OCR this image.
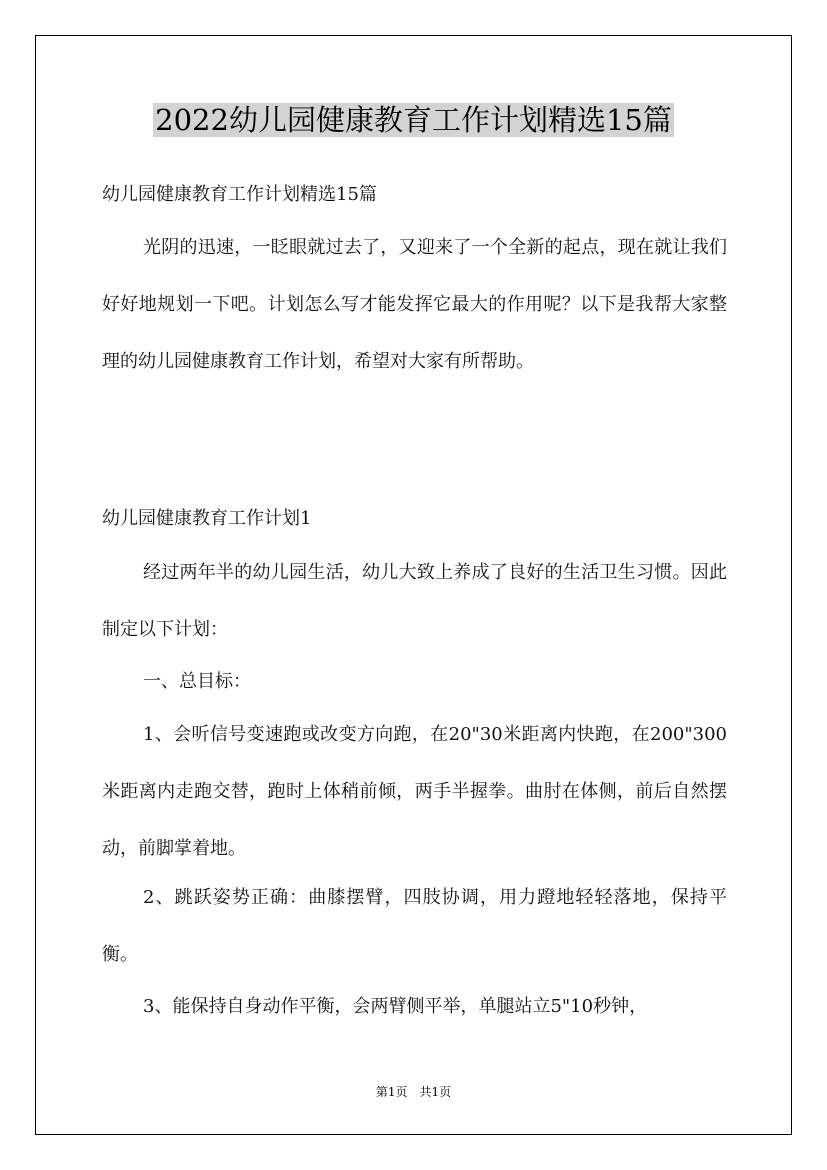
2022幼儿园健康教育工作计划精选15篇

幼儿园健康教育工作计划精选15篇

光阴的迅速，一眨眼就过去了，又迎来了一个全新的起点，现在就让我们好好地规划一下吧。计划怎么写才能发挥它最大的作用呢？以下是我帮大家整理的幼儿园健康教育工作计划，希望对大家有所帮助。

幼儿园健康教育工作计划1

经过两年半的幼儿园生活，幼儿大致上养成了良好的生活卫生习惯。因此制定以下计划：

一、总目标：

1、会听信号变速跑或改变方向跑，在20"30米距离内快跑，在200"300米距离内走跑交替，跑时上体稍前倾，两手半握拳。曲肘在体侧，前后自然摆动，前脚掌着地。

2、跳跃姿势正确：曲膝摆臂，四肢协调，用力蹬地轻轻落地，保持平衡。

3、能保持自身动作平衡，会两臂侧平举，单腿站立5"10秒钟，

第1页 共1页
